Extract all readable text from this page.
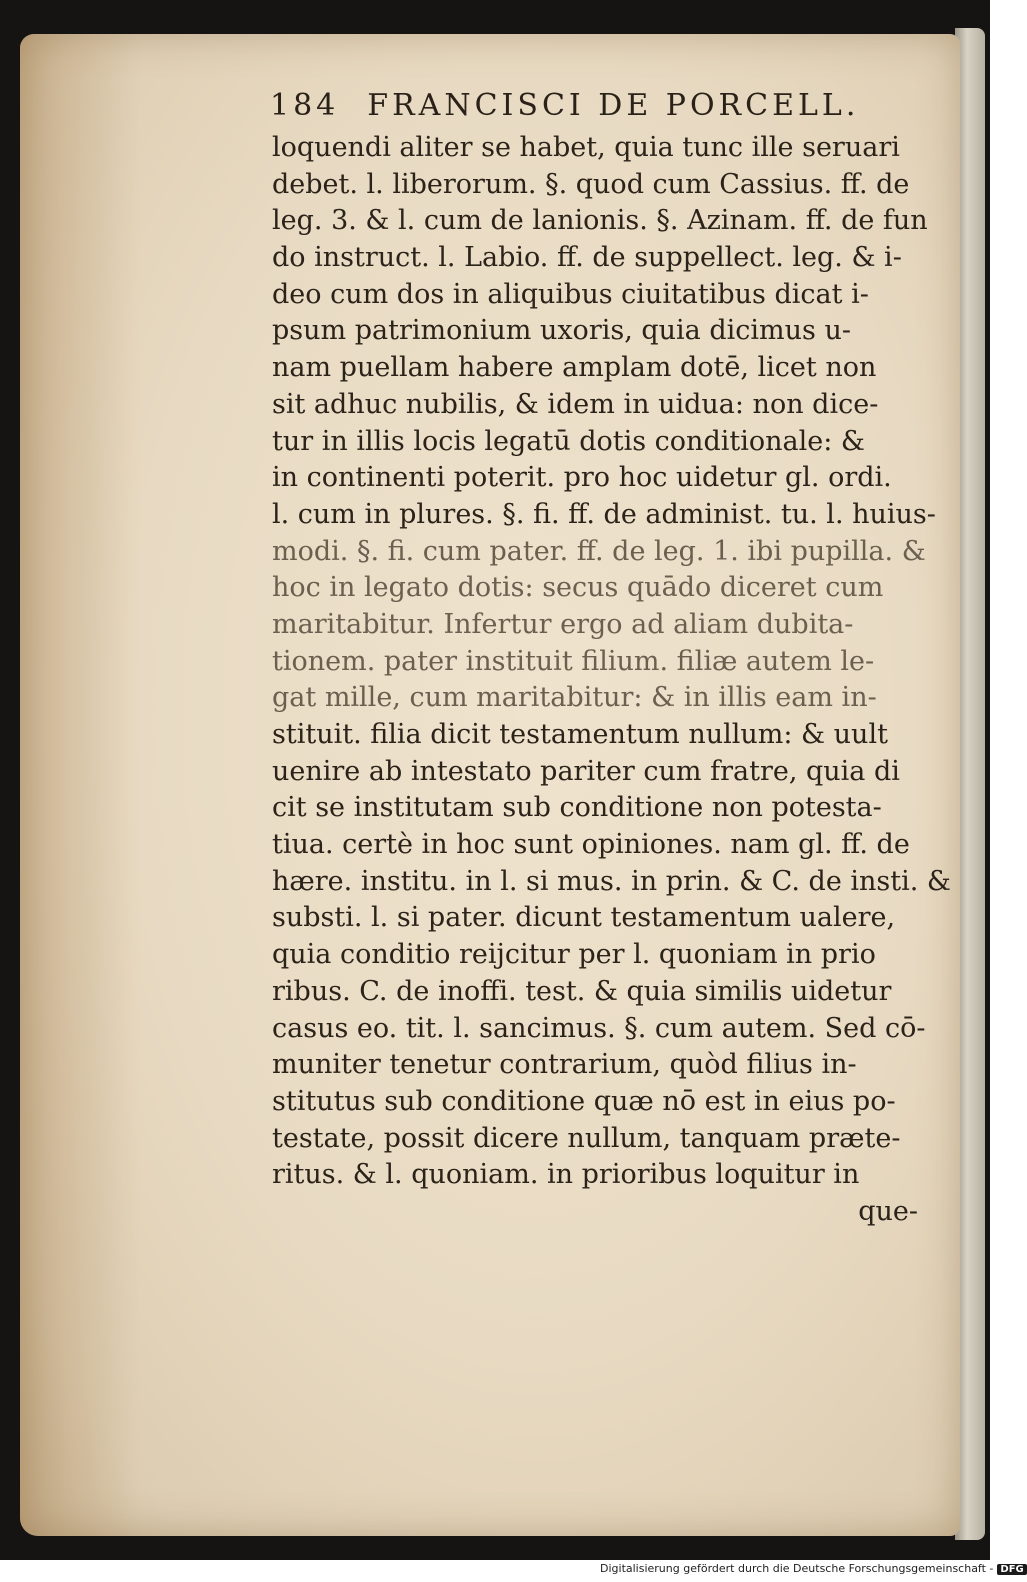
184 FRANCISCI DE PORCELL.
loquendi aliter se habet, quia tunc ille seruari
debet. l. liberorum. §. quod cum Cassius. ff. de
leg. 3. & l. cum de lanionis. §. Azinam. ff. de fun
do instruct. l. Labio. ff. de suppellect. leg. & i-
deo cum dos in aliquibus ciuitatibus dicat i-
psum patrimonium uxoris, quia dicimus u-
nam puellam habere amplam dotē, licet non
sit adhuc nubilis, & idem in uidua: non dice-
tur in illis locis legatū dotis conditionale: &
in continenti poterit. pro hoc uidetur gl. ordi.
l. cum in plures. §. fi. ff. de administ. tu. l. huius-
modi. §. fi. cum pater. ff. de leg. 1. ibi pupilla. &
hoc in legato dotis: secus quādo diceret cum
maritabitur. Infertur ergo ad aliam dubita-
tionem. pater instituit filium. filiæ autem le-
gat mille, cum maritabitur: & in illis eam in-
stituit. filia dicit testamentum nullum: & uult
uenire ab intestato pariter cum fratre, quia di
cit se institutam sub conditione non potesta-
tiua. certè in hoc sunt opiniones. nam gl. ff. de
hære. institu. in l. si mus. in prin. & C. de insti. &
substi. l. si pater. dicunt testamentum ualere,
quia conditio reijcitur per l. quoniam in prio
ribus. C. de inoffi. test. & quia similis uidetur
casus eo. tit. l. sancimus. §. cum autem. Sed cō-
muniter tenetur contrarium, quòd filius in-
stitutus sub conditione quæ nō est in eius po-
testate, possit dicere nullum, tanquam præte-
ritus. & l. quoniam. in prioribus loquitur in
que-
Digitalisierung gefördert durch die Deutsche Forschungsgemeinschaft - DFG
